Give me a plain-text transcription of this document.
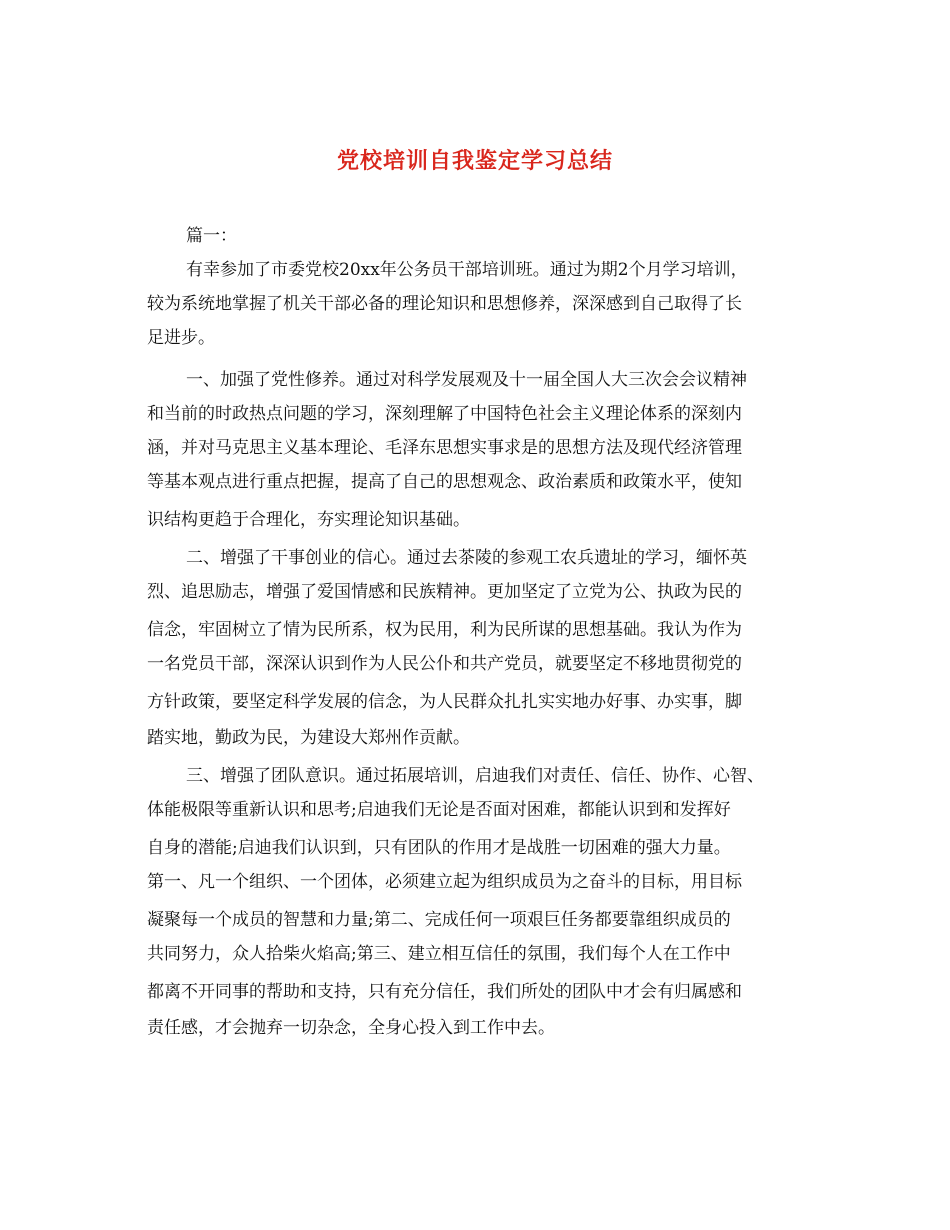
党校培训自我鉴定学习总结
篇一：
有幸参加了市委党校20xx年公务员干部培训班。通过为期2个月学习培训，
较为系统地掌握了机关干部必备的理论知识和思想修养，深深感到自己取得了长
足进步。
一、加强了党性修养。通过对科学发展观及十一届全国人大三次会会议精神
和当前的时政热点问题的学习，深刻理解了中国特色社会主义理论体系的深刻内
涵，并对马克思主义基本理论、毛泽东思想实事求是的思想方法及现代经济管理
等基本观点进行重点把握，提高了自己的思想观念、政治素质和政策水平，使知
识结构更趋于合理化，夯实理论知识基础。
二、增强了干事创业的信心。通过去茶陵的参观工农兵遗址的学习，缅怀英
烈、追思励志，增强了爱国情感和民族精神。更加坚定了立党为公、执政为民的
信念，牢固树立了情为民所系，权为民用，利为民所谋的思想基础。我认为作为
一名党员干部，深深认识到作为人民公仆和共产党员，就要坚定不移地贯彻党的
方针政策，要坚定科学发展的信念，为人民群众扎扎实实地办好事、办实事，脚
踏实地，勤政为民，为建设大郑州作贡献。
三、增强了团队意识。通过拓展培训，启迪我们对责任、信任、协作、心智、
体能极限等重新认识和思考;启迪我们无论是否面对困难，都能认识到和发挥好
自身的潜能;启迪我们认识到，只有团队的作用才是战胜一切困难的强大力量。
第一、凡一个组织、一个团体，必须建立起为组织成员为之奋斗的目标，用目标
凝聚每一个成员的智慧和力量;第二、完成任何一项艰巨任务都要靠组织成员的
共同努力，众人拾柴火焰高;第三、建立相互信任的氛围，我们每个人在工作中
都离不开同事的帮助和支持，只有充分信任，我们所处的团队中才会有归属感和
责任感，才会抛弃一切杂念，全身心投入到工作中去。
